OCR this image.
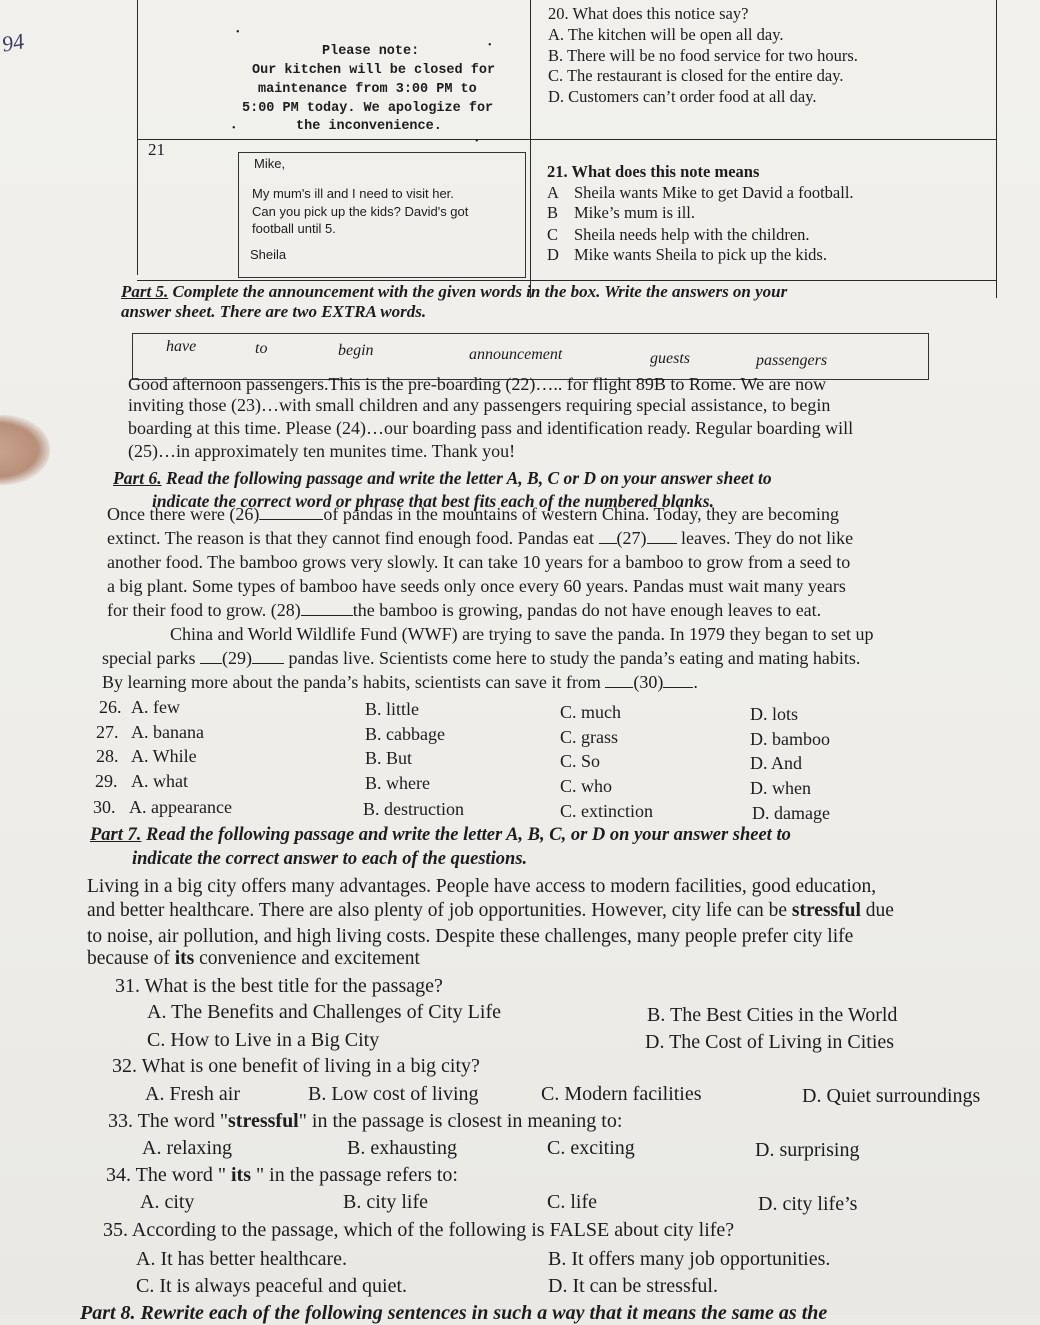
94	•
•
•
•
Please note:
Our kitchen will be closed for
maintenance from 3:00 PM to
5:00 PM today. We apologize for
the inconvenience.
20. What does this notice say?
A. The kitchen will be open all day.
B. There will be no food service for two hours.
C. The restaurant is closed for the entire day.
D. Customers can’t order food at all day.
21
Mike,
My mum's ill and I need to visit her.
Can you pick up the kids? David's got
football until 5.
Sheila
21. What does this note means
A Sheila wants Mike to get David a football.
B Mike’s mum is ill.
C Sheila needs help with the children.
D Mike wants Sheila to pick up the kids.
Part 5. Complete the announcement with the given words in the box. Write the answers on your
answer sheet. There are two EXTRA words.
have	to	begin	announcement	guests	passengers
Good afternoon passengers.This is the pre-boarding (22)….. for flight 89B to Rome. We are now
inviting those (23)…with small children and any passengers requiring special assistance, to begin
boarding at this time. Please (24)…our boarding pass and identification ready. Regular boarding will
(25)…in approximately ten munites time. Thank you!
Part 6. Read the following passage and write the letter A, B, C or D on your answer sheet to
indicate the correct word or phrase that best fits each of the numbered blanks.
Once there were (26)	of pandas in the mountains of western China. Today, they are becoming
extinct. The reason is that they cannot find enough food. Pandas eat (27) leaves. They do not like
another food. The bamboo grows very slowly. It can take 10 years for a bamboo to grow from a seed to
a big plant. Some types of bamboo have seeds only once every 60 years. Pandas must wait many years
for their food to grow. (28)	the bamboo is growing, pandas do not have enough leaves to eat.
China and World Wildlife Fund (WWF) are trying to save the panda. In 1979 they began to set up
special parks (29) pandas live. Scientists come here to study the panda’s eating and mating habits.
By learning more about the panda’s habits, scientists can save it from (30) .
26. A. few	B. little	C. much	D. lots
27. A. banana	B. cabbage	C. grass	D. bamboo
28. A. While	B. But	C. So	D. And
29. A. what	B. where	C. who	D. when
30. A. appearance	B. destruction	C. extinction	D. damage
Part 7. Read the following passage and write the letter A, B, C, or D on your answer sheet to
indicate the correct answer to each of the questions.
Living in a big city offers many advantages. People have access to modern facilities, good education,
and better healthcare. There are also plenty of job opportunities. However, city life can be stressful due
to noise, air pollution, and high living costs. Despite these challenges, many people prefer city life
because of its convenience and excitement
31. What is the best title for the passage?
A. The Benefits and Challenges of City Life	B. The Best Cities in the World
C. How to Live in a Big City	D. The Cost of Living in Cities
32. What is one benefit of living in a big city?
A. Fresh air	B. Low cost of living	C. Modern facilities	D. Quiet surroundings
33. The word "stressful" in the passage is closest in meaning to:
A. relaxing	B. exhausting	C. exciting	D. surprising
34. The word " its " in the passage refers to:
A. city	B. city life	C. life	D. city life’s
35. According to the passage, which of the following is FALSE about city life?
A. It has better healthcare.	B. It offers many job opportunities.
C. It is always peaceful and quiet.	D. It can be stressful.
Part 8. Rewrite each of the following sentences in such a way that it means the same as the
